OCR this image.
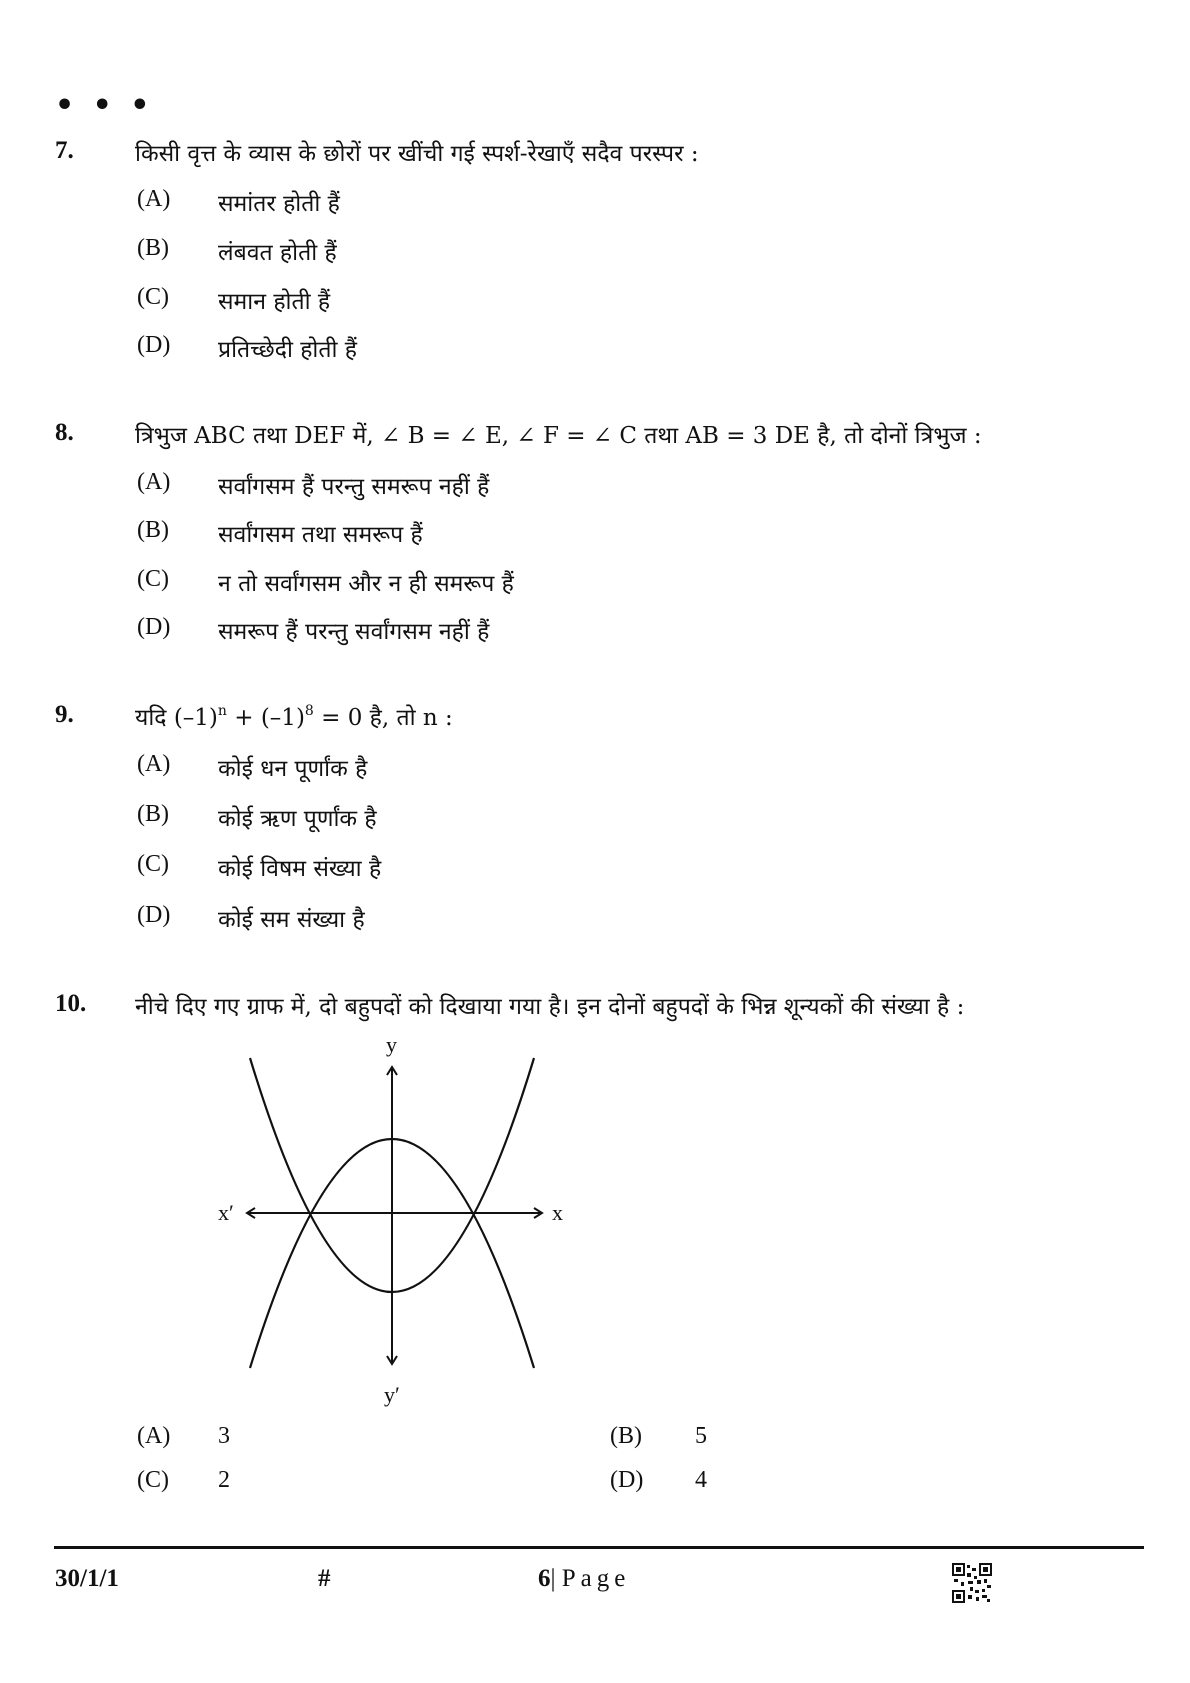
• • •
7.	किसी वृत्त के व्यास के छोरों पर खींची गई स्पर्श-रेखाएँ सदैव परस्पर :
(A) समांतर होती हैं
(B) लंबवत होती हैं
(C) समान होती हैं
(D) प्रतिच्छेदी होती हैं
8.	त्रिभुज ABC तथा DEF में, ∠ B = ∠ E, ∠ F = ∠ C तथा AB = 3 DE है, तो दोनों त्रिभुज :
(A) सर्वांगसम हैं परन्तु समरूप नहीं हैं
(B) सर्वांगसम तथा समरूप हैं
(C) न तो सर्वांगसम और न ही समरूप हैं
(D) समरूप हैं परन्तु सर्वांगसम नहीं हैं
9.	यदि $(-1)^n + (-1)^8 = 0$ है, तो n :
(A) कोई धन पूर्णांक है
(B) कोई ऋण पूर्णांक है
(C) कोई विषम संख्या है
(D) कोई सम संख्या है
10. नीचे दिए गए ग्राफ में, दो बहुपदों को दिखाया गया है। इन दोनों बहुपदों के भिन्न शून्यकों की संख्या है :
y
y′
x
x′
(A) 3	(B) 5
(C) 2	(D) 4
30/1/1	#	6| Page
